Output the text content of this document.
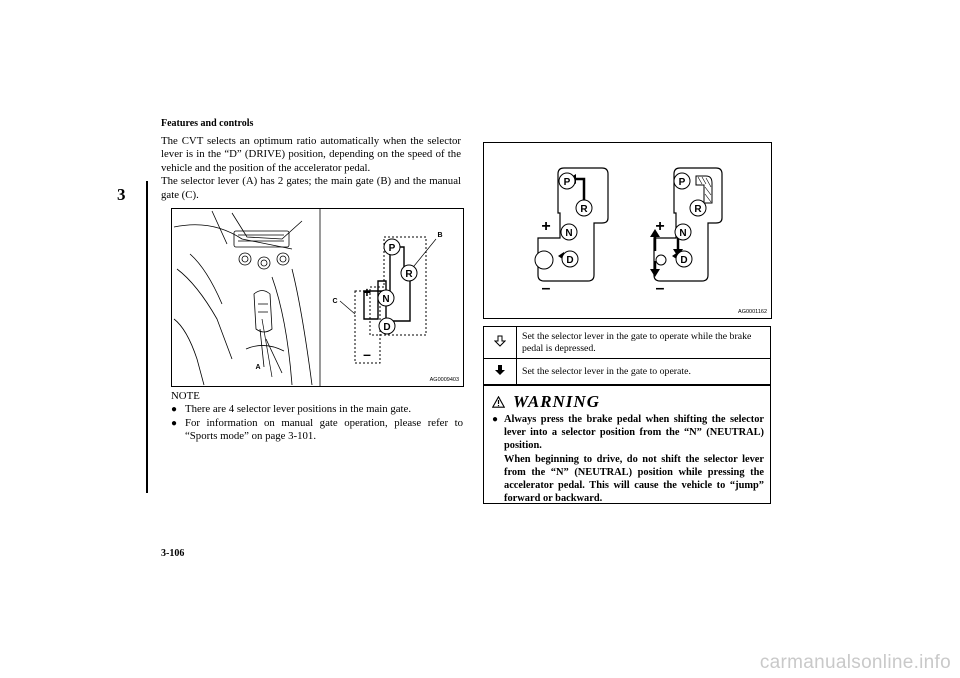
Features and controls
3

The CVT selects an optimum ratio automatically when the selector lever is in the “D” (DRIVE) position, depending on the speed of the vehicle and the position of the accelerator pedal.

The selector lever (A) has 2 gates; the main gate (B) and the manual gate (C).

P
R
N
D
+
–
B
C
A
AG0009403
NOTE
● There are 4 selector lever positions in the main gate.
● For information on manual gate operation, please refer to “Sports mode” on page 3-101.
P
R
N
D
+
–
P
R
N
D
+
–
AG0001162
	Set the selector lever in the gate to operate while the brake pedal is depressed.
	Set the selector lever in the gate to operate.
WARNING
● Always press the brake pedal when shifting the selector lever into a selector position from the “N” (NEUTRAL) position.

When beginning to drive, do not shift the selector lever from the “N” (NEUTRAL) position while pressing the accelerator pedal. This will cause the vehicle to “jump” forward or backward.

3-106
carmanualsonline.info
